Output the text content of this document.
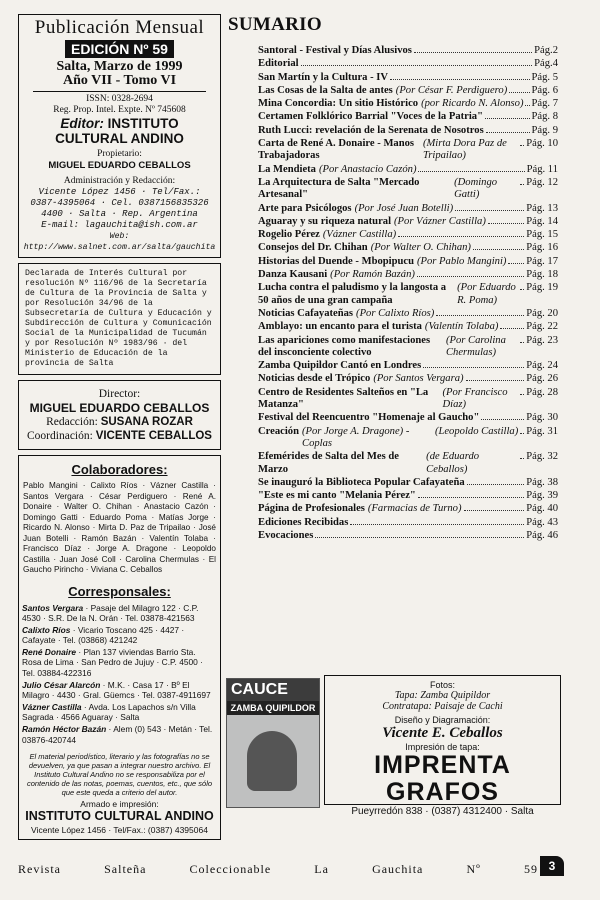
Publicación Mensual
EDICIÓN Nº 59
Salta, Marzo de 1999
Año VII - Tomo VI
ISSN: 0328-2694
Reg. Prop. Intel. Expte. Nº 745608
Editor: INSTITUTO
CULTURAL ANDINO
Propietario:
MIGUEL EDUARDO CEBALLOS
Administración y Redacción:
Vicente López 1456 · Tel/Fax.:
0387-4395064 · Cel. 0387156835326
4400 · Salta · Rep. Argentina
E-mail: lagauchita@ish.com.ar
Web: http://www.salnet.com.ar/salta/gauchita
Declarada de Interés Cultural por resolución Nº 116/96 de la Secretaría de Cultura de la Provincia de Salta y por Resolución 34/96 de la Subsecretaría de Cultura y Educación y Subdirección de Cultura y Comunicación Social de la Municipalidad de Tucumán y por Resolución Nº 1983/96 · del Ministerio de Educación de la provincia de Salta
Director:
MIGUEL EDUARDO CEBALLOS
Redacción: SUSANA ROZAR
Coordinación: VICENTE CEBALLOS
Colaboradores:
Pablo Mangini · Calixto Ríos · Vázner Castilla · Santos Vergara · César Perdiguero · René A. Donaire · Walter O. Chihan · Anastacio Cazón · Domingo Gatti · Eduardo Poma · Matías Jorge · Ricardo N. Alonso · Mirta D. Paz de Tripailao · José Juan Botelli · Ramón Bazán · Valentín Tolaba · Francisco Díaz · Jorge A. Dragone · Leopoldo Castilla · Juan José Coll · Carolina Chermulas · El Gaucho Pirincho · Viviana C. Ceballos
Corresponsales:
Santos Vergara · Pasaje del Milagro 122 · C.P. 4530 · S.R. De la N. Orán · Tel. 03878-421563
Calixto Ríos · Vicario Toscano 425 · 4427 · Cafayate · Tel. (03868) 421242
René Donaire · Plan 137 viviendas Barrio Sta. Rosa de Lima · San Pedro de Jujuy · C.P. 4500 · Tel. 03884-422316
Julio César Alarcón · M.K. · Casa 17 · Bº El Milagro · 4430 · Gral. Güemcs · Tel. 0387-4911697
Vázner Castilla · Avda. Los Lapachos s/n Villa Sagrada · 4566 Aguaray · Salta
Ramón Héctor Bazán · Alem (0) 543 · Metán · Tel. 03876-420744
El material periodístico, literario y las fotografías no se devuelven, ya que pasan a integrar nuestro archivo. El Instituto Cultural Andino no se responsabiliza por el contenido de las notas, poemas, cuentos, etc., que sólo que este queda a criterio del autor.
Armado e impresión:
INSTITUTO CULTURAL ANDINO
Vicente López 1456 · Tel/Fax.: (0387) 4395064
SUMARIO
Santoral - Festival y Días Alusivos	Pág.2
Editorial	Pág.4
San Martín y la Cultura - IV	Pág. 5
Las Cosas de la Salta de antes (Por César F. Perdiguero) Pág. 6
Mina Concordia: Un sitio Histórico (por Ricardo N. Alonso) Pág. 7
Certamen Folklórico Barrial "Voces de la Patria"	Pág. 8
Ruth Lucci: revelación de la Serenata de Nosotros	Pág. 9
Carta de René A. Donaire - Manos Trabajadoras
(Mirta Dora Paz de Tripailao)
Pág. 10
La Mendieta (Por Anastacio Cazón)	Pág. 11
La Arquitectura de Salta "Mercado Artesanal"
(Domingo Gatti)
Pág. 12
Arte para Psicólogos (Por José Juan Botelli)	Pág. 13
Aguaray y su riqueza natural (Por Vázner Castilla)	Pág. 14
Rogelio Pérez (Vázner Castilla)	Pág. 15
Consejos del Dr. Chihan (Por Walter O. Chihan)	Pág. 16
Historias del Duende - Mbopipucu (Por Pablo Mangini) Pág. 17
Danza Kausani (Por Ramón Bazán)	Pág. 18
Lucha contra el paludismo y la langosta a 50 años de una gran campaña
(Por Eduardo R. Poma)
Pág. 19
Noticias Cafayateñas (Por Calixto Ríos)	Pág. 20
Amblayo: un encanto para el turista (Valentín Tolaba)	Pág. 22
Las apariciones como manifestaciones del insconciente colectivo
(Por Carolina Chermulas)
Pág. 23
Zamba Quipildor Cantó en Londres	Pág. 24
Noticias desde el Trópico (Por Santos Vergara)	Pág. 26
Centro de Residentes Salteños en "La Matanza"
(Por Francisco Díaz)
Pág. 28
Festival del Reencuentro "Homenaje al Gaucho"	Pág. 30
Creación (Por Jorge A. Dragone) - Coplas
(Leopoldo Castilla) Pág. 31
Efemérides de Salta del Mes de Marzo
(de Eduardo Ceballos)
Pág. 32
Se inauguró la Biblioteca Popular Cafayateña	Pág. 38
"Este es mi canto "Melania Pérez"	Pág. 39
Página de Profesionales (Farmacias de Turno)	Pág. 40
Ediciones Recibidas	Pág. 43
Evocaciones	Pág. 46
CAUCE
ZAMBA QUIPILDOR
Fotos:
Tapa: Zamba Quipildor
Contratapa: Paisaje de Cachi
Diseño y Diagramación:
Vicente E. Ceballos
Impresión de tapa:
IMPRENTA GRAFOS
Pueyrredón 838 · (0387) 4312400 · Salta
Revista	Salteña	Coleccionable	La	Gauchita	Nº	59 3
